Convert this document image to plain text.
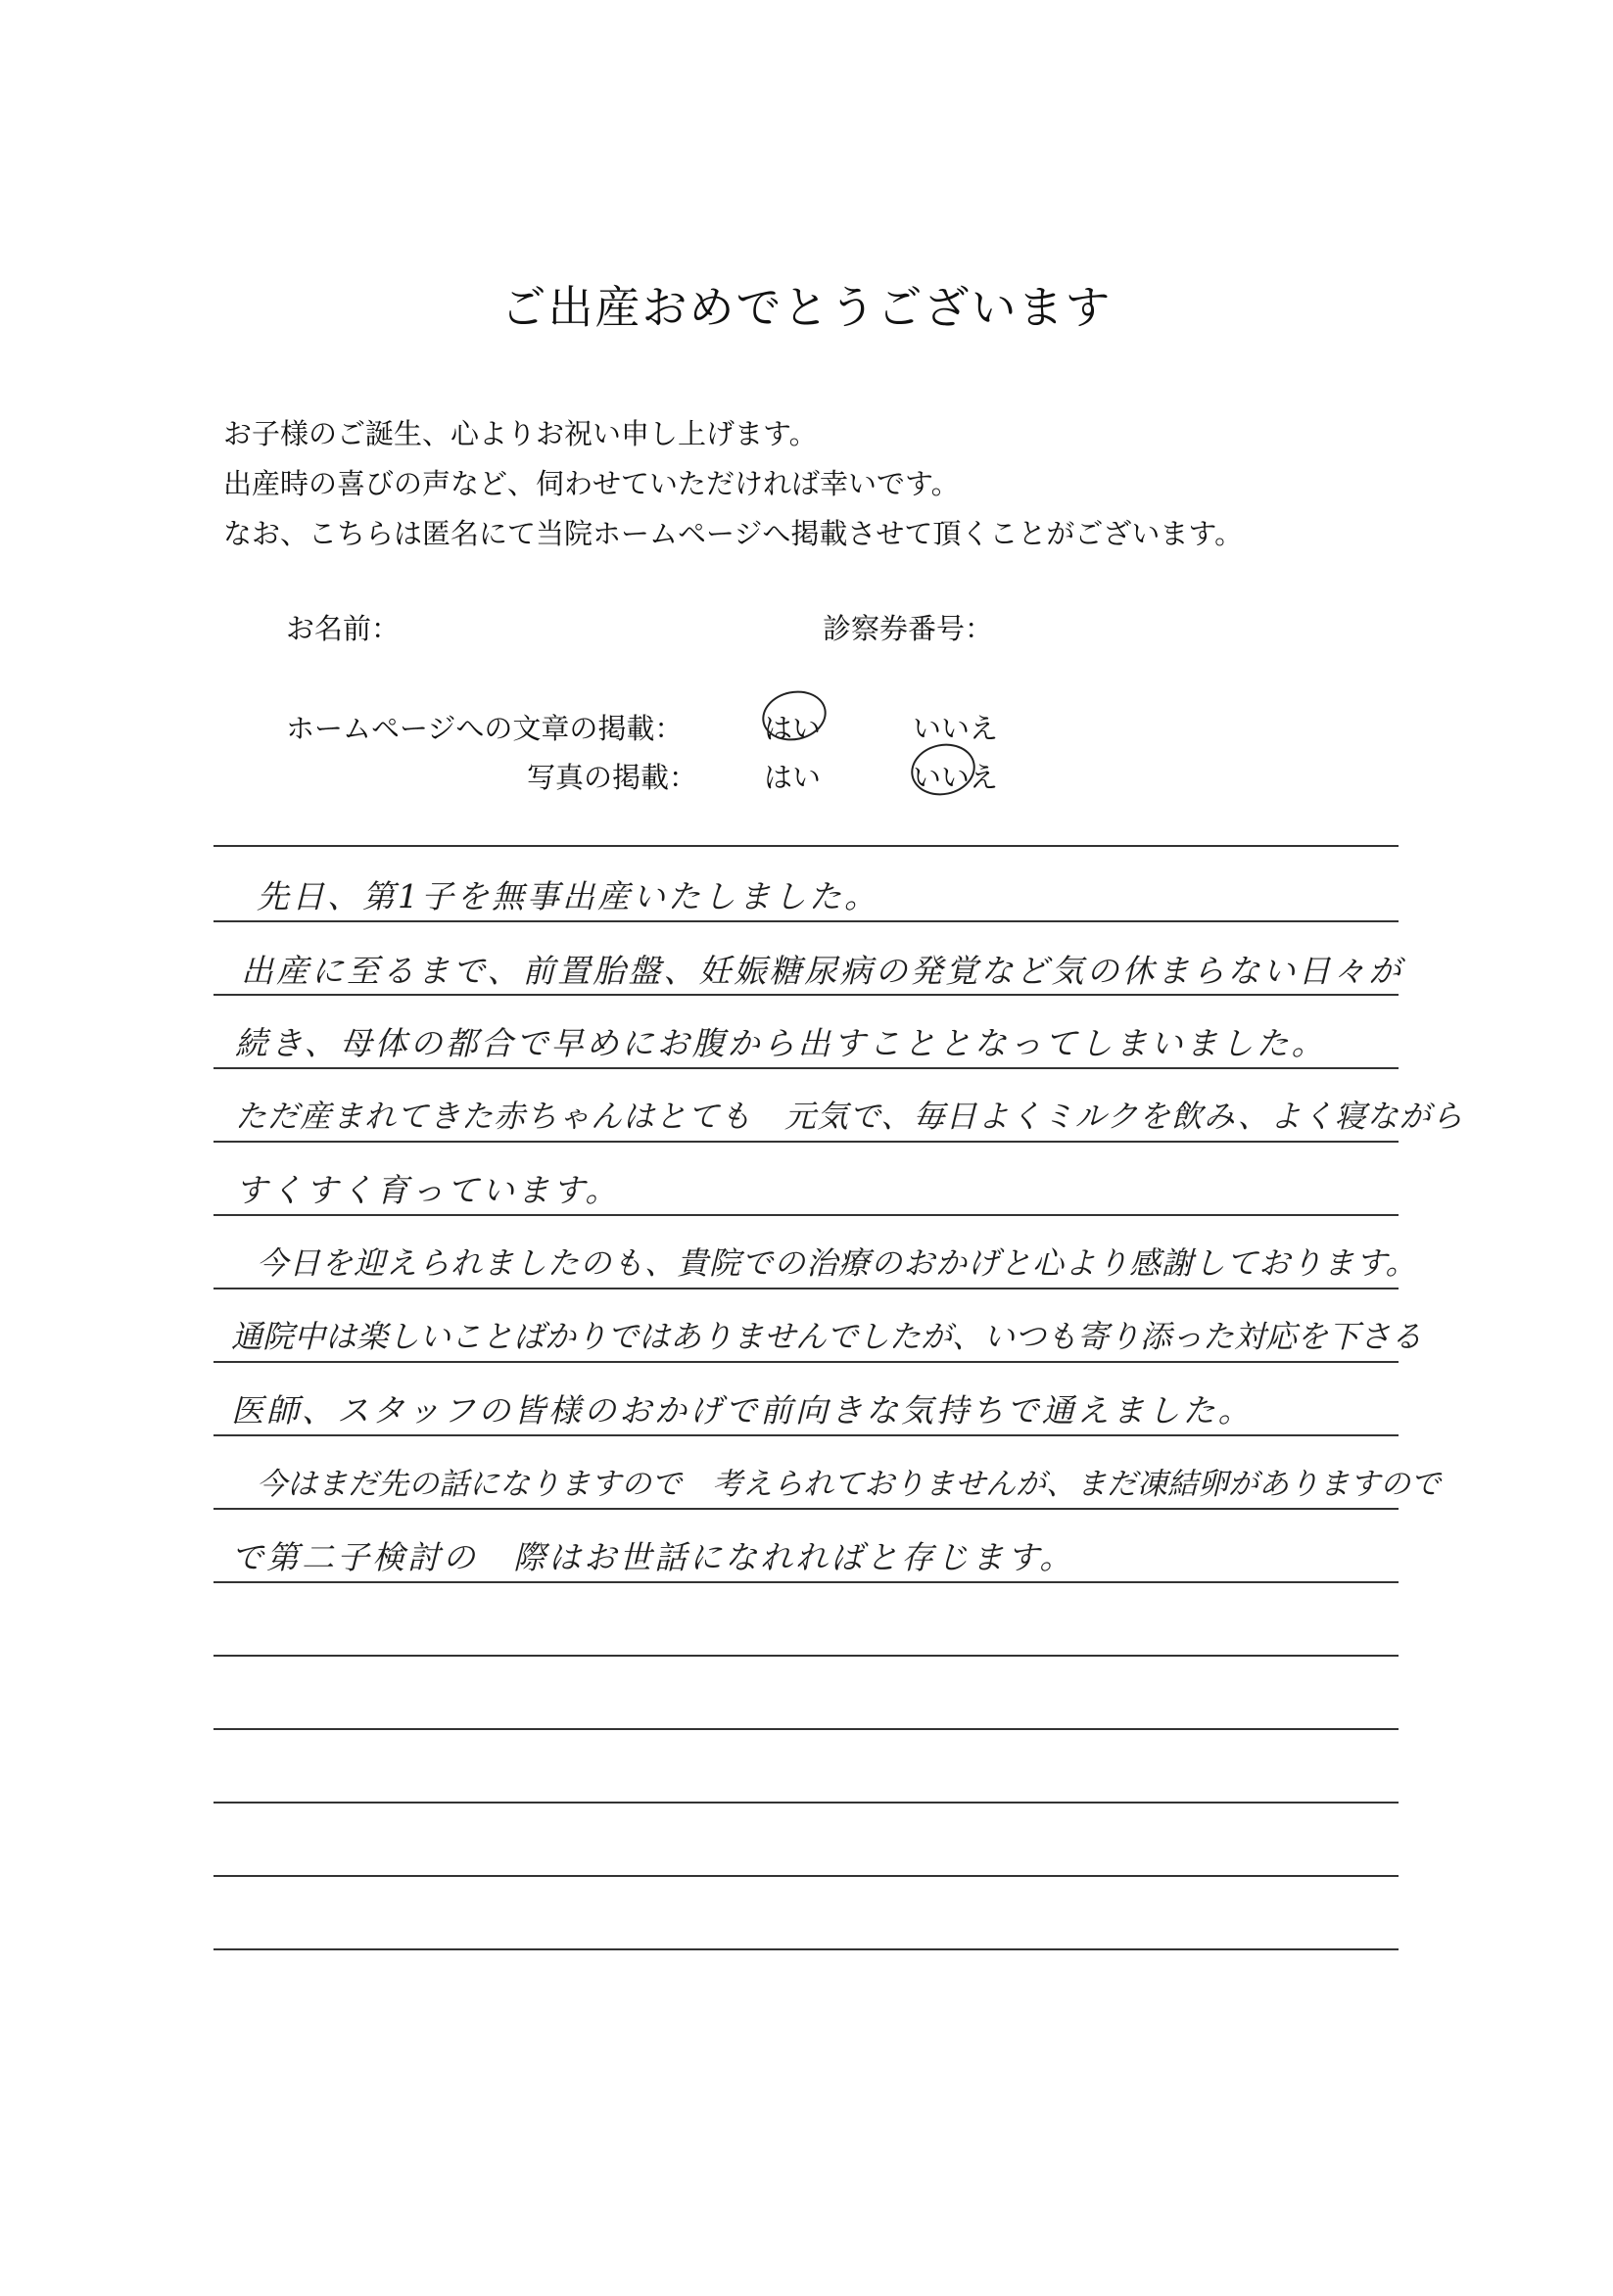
ご出産おめでとうございます
お子様のご誕生、心よりお祝い申し上げます。
出産時の喜びの声など、伺わせていただければ幸いです。
なお、こちらは匿名にて当院ホームページへ掲載させて頂くことがございます。
お名前：	診察券番号：
ホームページへの文章の掲載：	はい	いいえ
写真の掲載： はい	いいえ
先日、第1子を無事出産いたしました。
出産に至るまで、前置胎盤、妊娠糖尿病の発覚など気の休まらない日々が
続き、母体の都合で早めにお腹から出すこととなってしまいました。
ただ産まれてきた赤ちゃんはとても　元気で、毎日よくミルクを飲み、よく寝ながら
すくすく育っています。
今日を迎えられましたのも、貴院での治療のおかげと心より感謝しております。
通院中は楽しいことばかりではありませんでしたが、いつも寄り添った対応を下さる
医師、スタッフの皆様のおかげで前向きな気持ちで通えました。
今はまだ先の話になりますので　考えられておりませんが、まだ凍結卵がありますので
で第二子検討の　際はお世話になれればと存じます。
